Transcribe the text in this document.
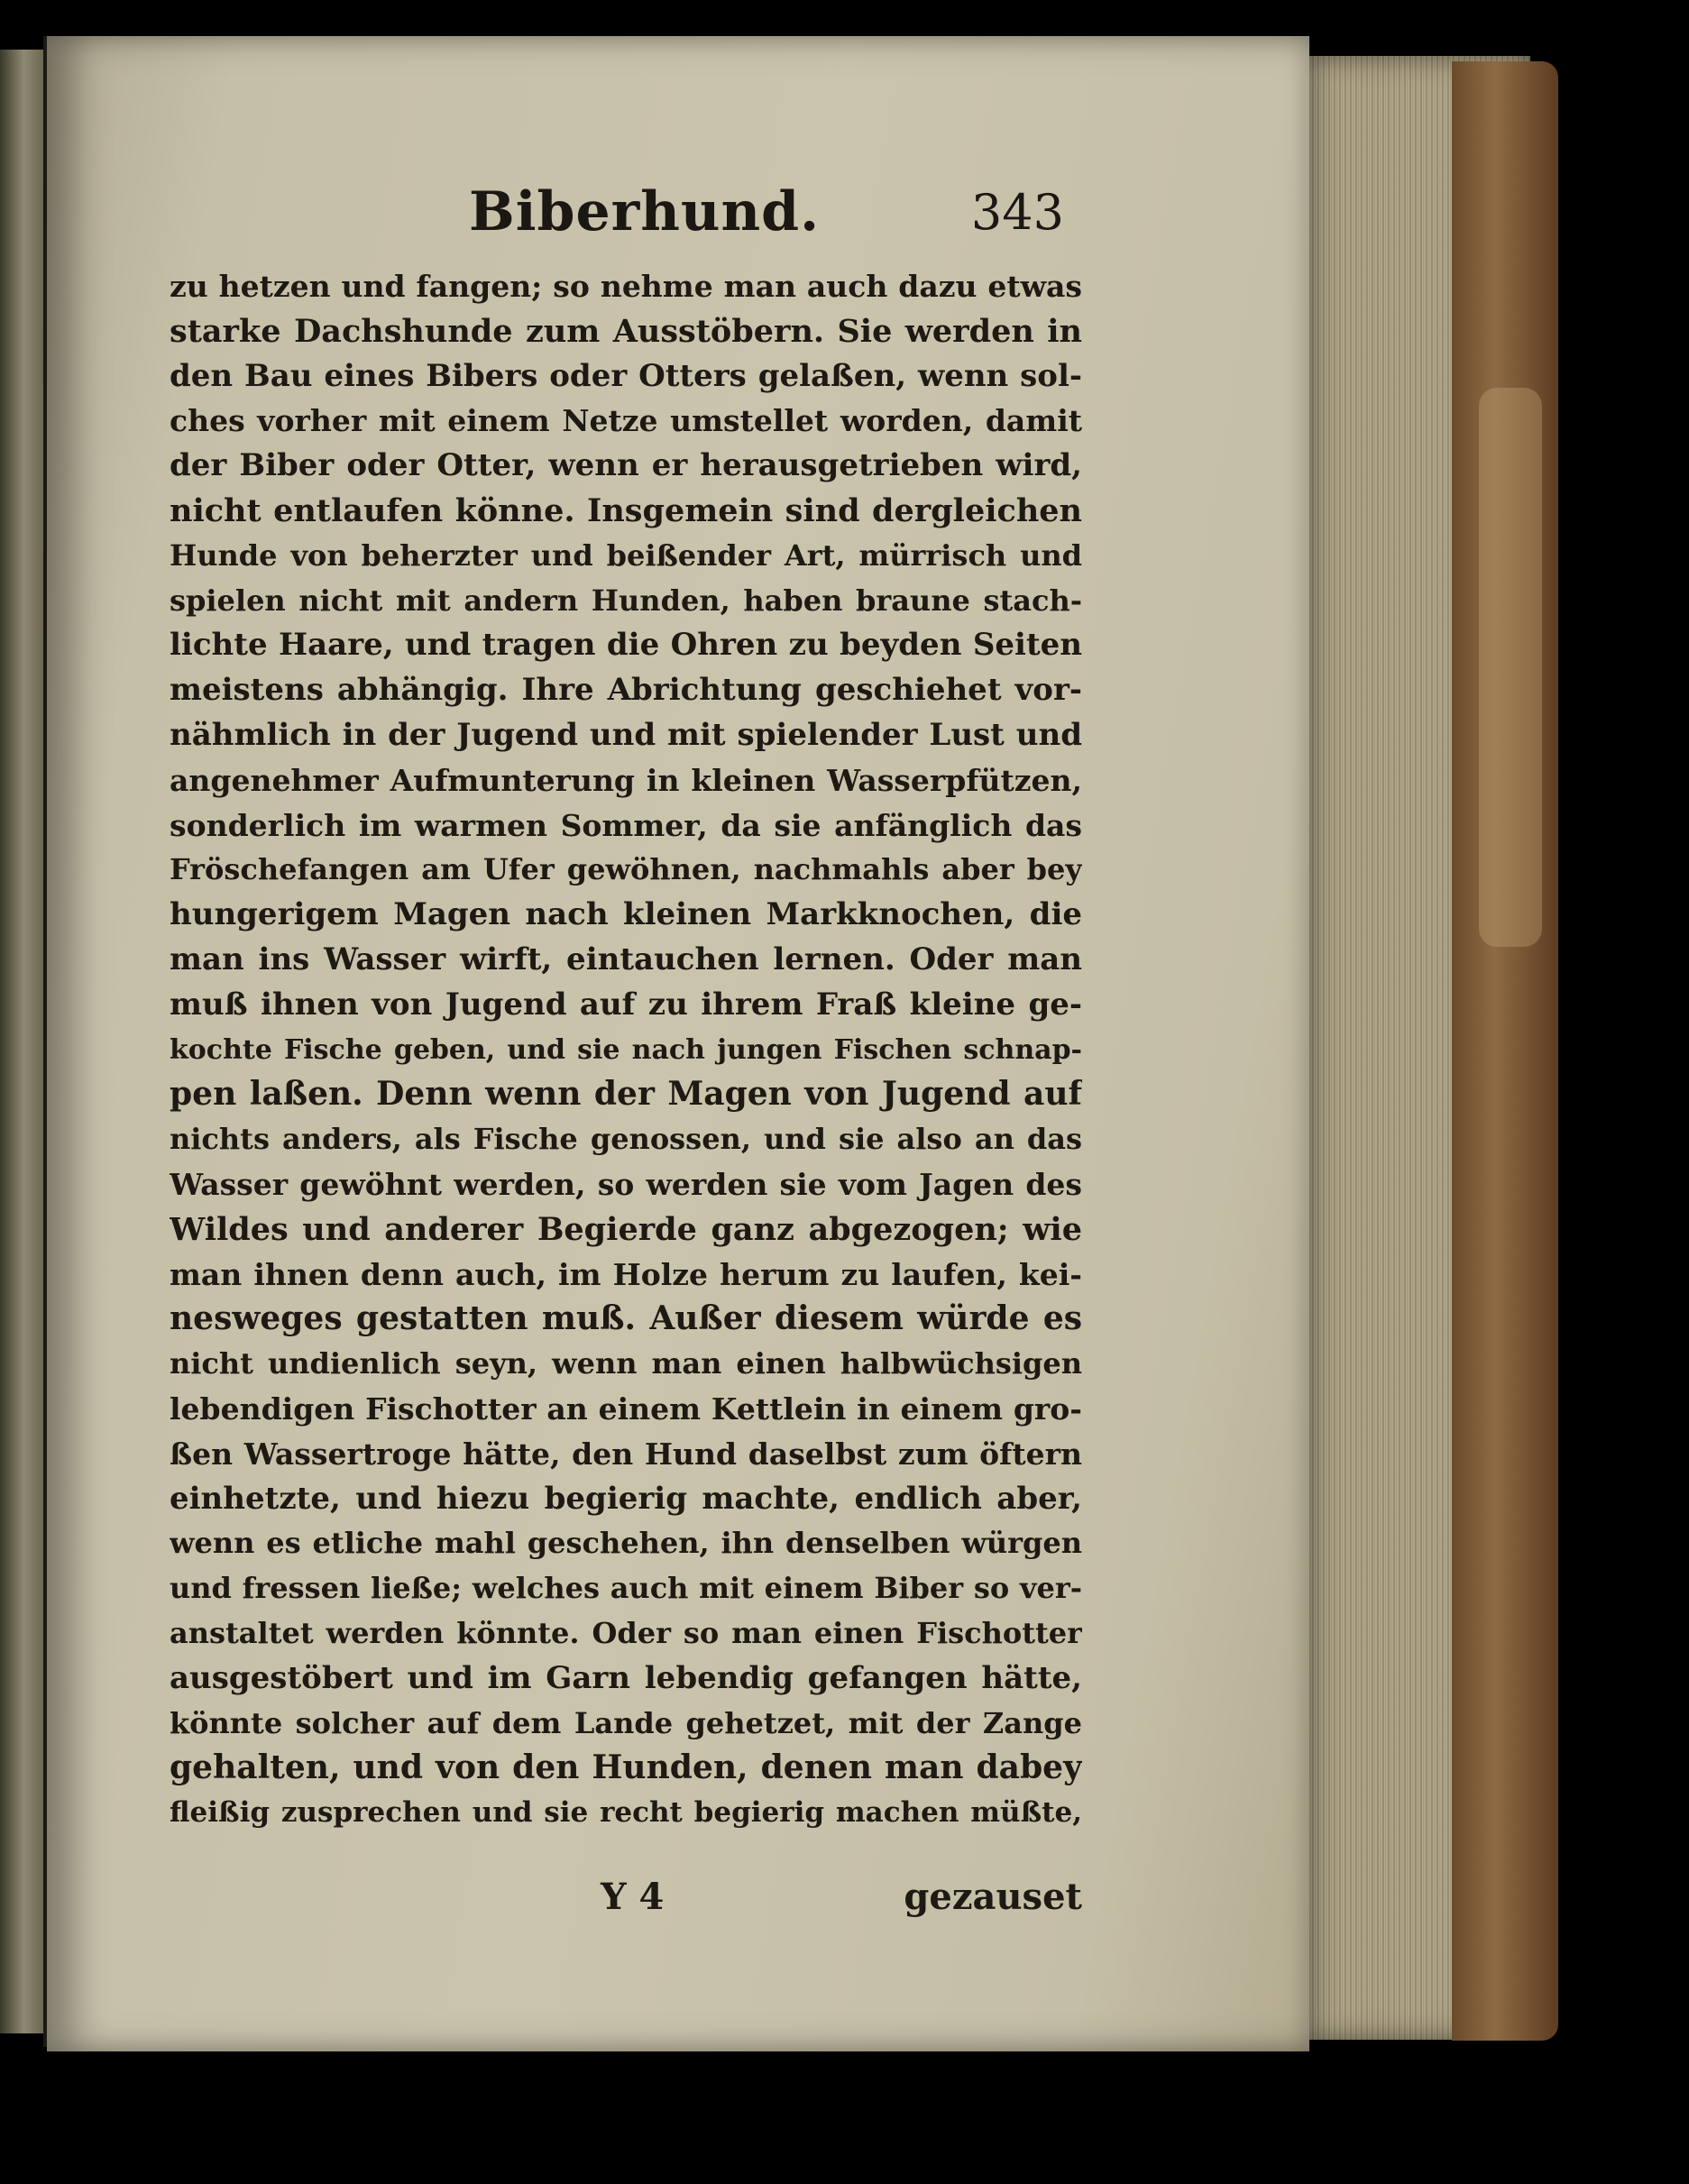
Biberhund.	343
zu hetzen und fangen; so nehme man auch dazu etwas
starke Dachshunde zum Ausstöbern. Sie werden in
den Bau eines Bibers oder Otters gelaßen, wenn sol-
ches vorher mit einem Netze umstellet worden, damit
der Biber oder Otter, wenn er herausgetrieben wird,
nicht entlaufen könne. Insgemein sind dergleichen
Hunde von beherzter und beißender Art, mürrisch und
spielen nicht mit andern Hunden, haben braune stach-
lichte Haare, und tragen die Ohren zu beyden Seiten
meistens abhängig. Ihre Abrichtung geschiehet vor-
nähmlich in der Jugend und mit spielender Lust und
angenehmer Aufmunterung in kleinen Wasserpfützen,
sonderlich im warmen Sommer, da sie anfänglich das
Fröschefangen am Ufer gewöhnen, nachmahls aber bey
hungerigem Magen nach kleinen Markknochen, die
man ins Wasser wirft, eintauchen lernen. Oder man
muß ihnen von Jugend auf zu ihrem Fraß kleine ge-
kochte Fische geben, und sie nach jungen Fischen schnap-
pen laßen. Denn wenn der Magen von Jugend auf
nichts anders, als Fische genossen, und sie also an das
Wasser gewöhnt werden, so werden sie vom Jagen des
Wildes und anderer Begierde ganz abgezogen; wie
man ihnen denn auch, im Holze herum zu laufen, kei-
nesweges gestatten muß. Außer diesem würde es
nicht undienlich seyn, wenn man einen halbwüchsigen
lebendigen Fischotter an einem Kettlein in einem gro-
ßen Wassertroge hätte, den Hund daselbst zum öftern
einhetzte, und hiezu begierig machte, endlich aber,
wenn es etliche mahl geschehen, ihn denselben würgen
und fressen ließe; welches auch mit einem Biber so ver-
anstaltet werden könnte. Oder so man einen Fischotter
ausgestöbert und im Garn lebendig gefangen hätte,
könnte solcher auf dem Lande gehetzet, mit der Zange
gehalten, und von den Hunden, denen man dabey
fleißig zusprechen und sie recht begierig machen müßte,
Y 4	gezauset
